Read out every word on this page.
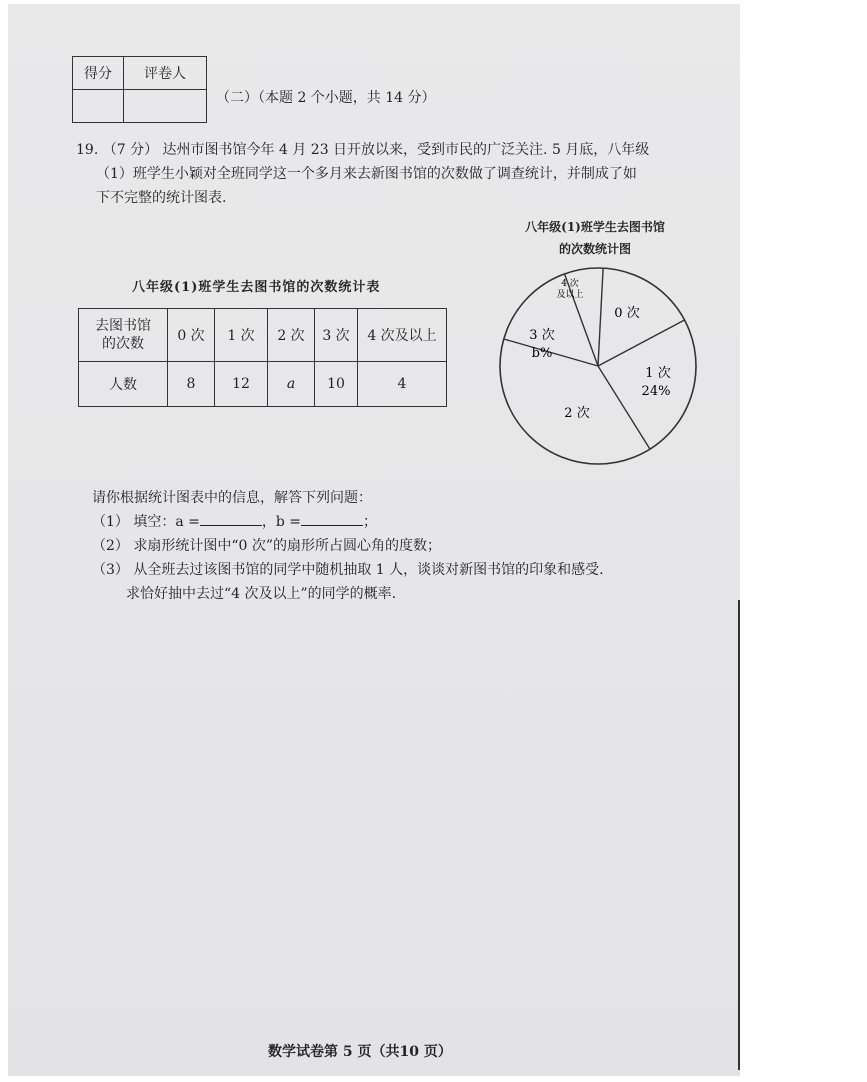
得分	评卷人

（二）（本题 2 个小题，共 14 分）
19. （7 分） 达州市图书馆今年 4 月 23 日开放以来，受到市民的广泛关注. 5 月底，八年级
（1）班学生小颖对全班同学这一个多月来去新图书馆的次数做了调查统计，并制成了如
下不完整的统计图表.
八年级(1)班学生去图书馆的次数统计表
去图书馆
的次数	0 次	1 次	2 次	3 次	4 次及以上
人数	8	12	a	10	4
八年级(1)班学生去图书馆
的次数统计图
0 次
1 次
24%
2 次
3 次
b%
4 次
及以上
请你根据统计图表中的信息，解答下列问题：
（1） 填空：a =	，b =	；
（2） 求扇形统计图中“0 次”的扇形所占圆心角的度数；
（3） 从全班去过该图书馆的同学中随机抽取 1 人，谈谈对新图书馆的印象和感受.
求恰好抽中去过“4 次及以上”的同学的概率.
数学试卷第 5 页（共10 页）
